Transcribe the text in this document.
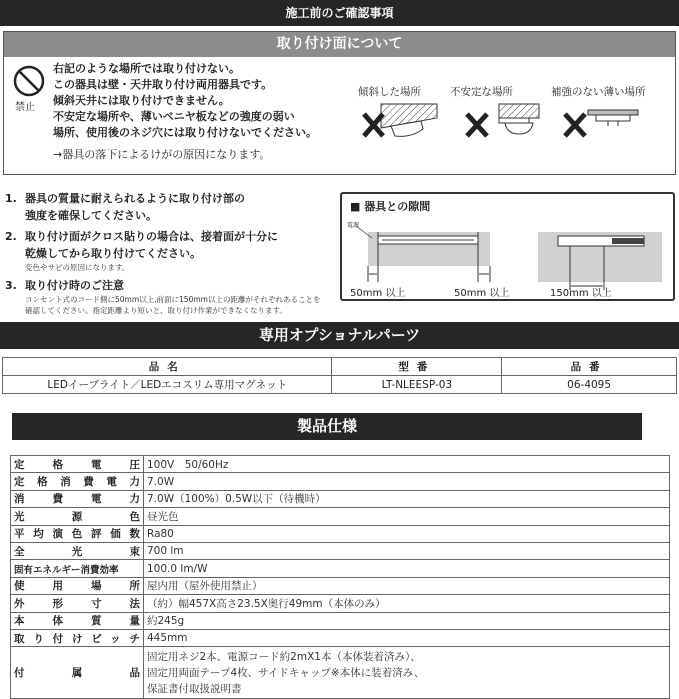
施工前のご確認事項
取り付け面について
禁止
右記のような場所では取り付けない。
この器具は壁・天井取り付け両用器具です。
傾斜天井には取り付けできません。
不安定な場所や、薄いベニヤ板などの強度の弱い
場所、使用後のネジ穴には取り付けないでください。
→器具の落下によるけがの原因になります。
傾斜した場所	不安定な場所	補強のない薄い場所
1. 器具の質量に耐えられるように取り付け部の
強度を確保してください。
2. 取り付け面がクロス貼りの場合は、接着面が十分に
乾燥してから取り付けてください。
変色やサビの原因になります。
3. 取り付け時のご注意
コンセント式のコード側に50mm以上,前面に150mm以上の距離がそれぞれあることを
確認してください。指定距離より短いと、取り付け作業ができなくなります。
■ 器具との隙間
電源
50mm 以上	50mm 以上	150mm 以上
専用オプショナルパーツ
品名	型番	品番
LEDイーブライト／LEDエコスリム専用マグネット	LT-NLEESP-03	06-4095
製品仕様
定格電圧	100V　50/60Hz
定格消費電力	7.0W
消費電力	7.0W（100%）0.5W以下（待機時）
光源色	昼光色
平均演色評価数	Ra80
全光束	700 lm
固有エネルギー消費効率	100.0 lm/W
使用場所	屋内用（屋外使用禁止）
外形寸法	（約）幅457X高さ23.5X奥行49mm（本体のみ）
本体質量	約245g
取り付けピッチ	445mm
付属品	固定用ネジ2本、電源コード約2mX1本（本体装着済み）、
固定用両面テープ4枚、サイドキャップ※本体に装着済み、
保証書付取扱説明書
